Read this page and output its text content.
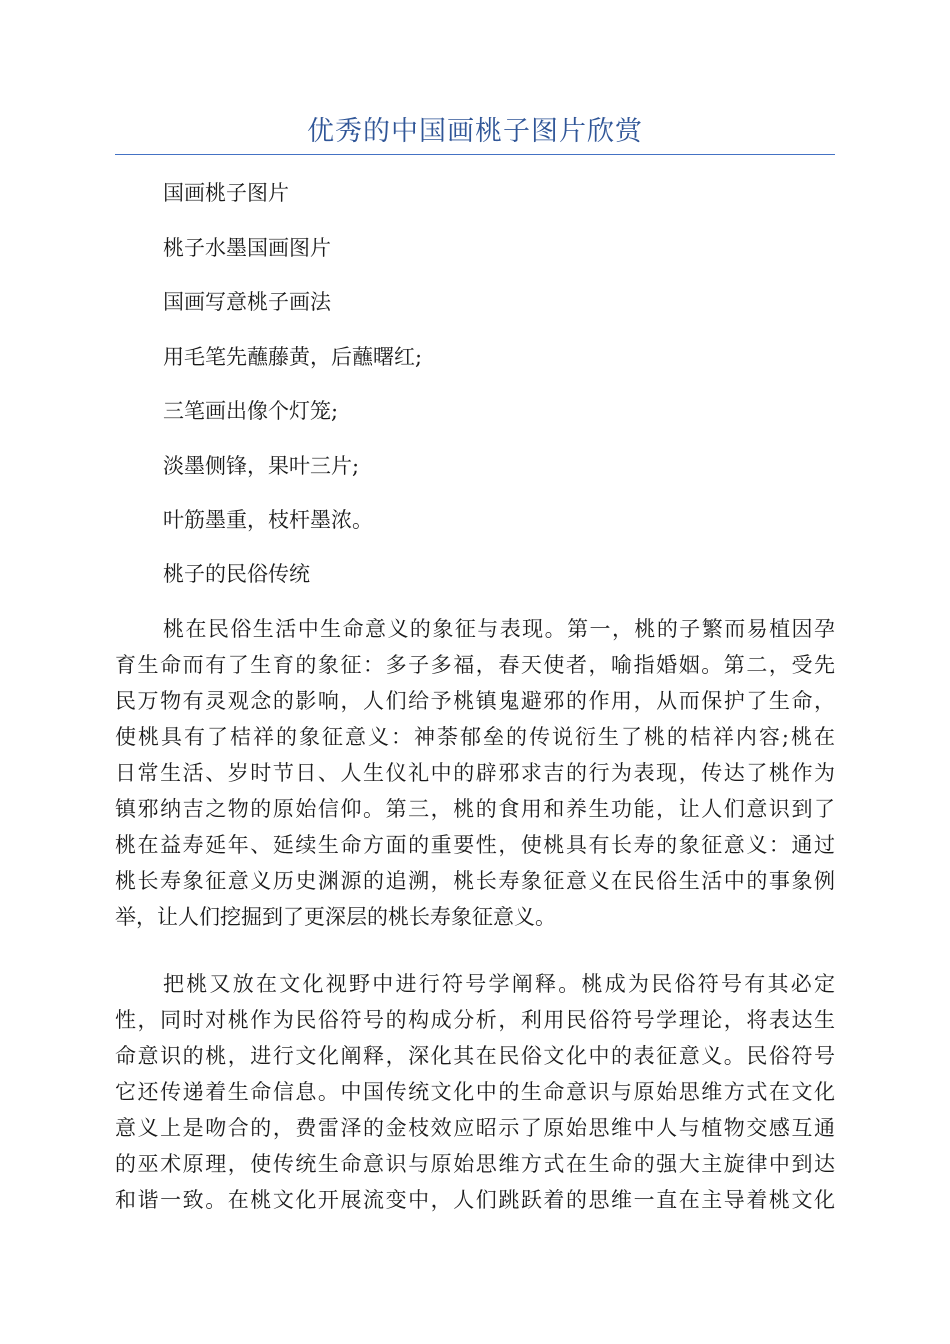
优秀的中国画桃子图片欣赏
国画桃子图片
桃子水墨国画图片
国画写意桃子画法
用毛笔先蘸藤黄，后蘸曙红;
三笔画出像个灯笼;
淡墨侧锋，果叶三片;
叶筋墨重，枝杆墨浓。
桃子的民俗传统
桃在民俗生活中生命意义的象征与表现。第一，桃的子繁而易植因孕
育生命而有了生育的象征：多子多福，春天使者，喻指婚姻。第二，受先
民万物有灵观念的影响，人们给予桃镇鬼避邪的作用，从而保护了生命，
使桃具有了桔祥的象征意义：神荼郁垒的传说衍生了桃的桔祥内容;桃在
日常生活、岁时节日、人生仪礼中的辟邪求吉的行为表现，传达了桃作为
镇邪纳吉之物的原始信仰。第三，桃的食用和养生功能，让人们意识到了
桃在益寿延年、延续生命方面的重要性，使桃具有长寿的象征意义：通过
桃长寿象征意义历史渊源的追溯，桃长寿象征意义在民俗生活中的事象例
举，让人们挖掘到了更深层的桃长寿象征意义。
把桃又放在文化视野中进行符号学阐释。桃成为民俗符号有其必定
性，同时对桃作为民俗符号的构成分析，利用民俗符号学理论，将表达生
命意识的桃，进行文化阐释，深化其在民俗文化中的表征意义。民俗符号
它还传递着生命信息。中国传统文化中的生命意识与原始思维方式在文化
意义上是吻合的，费雷泽的金枝效应昭示了原始思维中人与植物交感互通
的巫术原理，使传统生命意识与原始思维方式在生命的强大主旋律中到达
和谐一致。在桃文化开展流变中，人们跳跃着的思维一直在主导着桃文化
